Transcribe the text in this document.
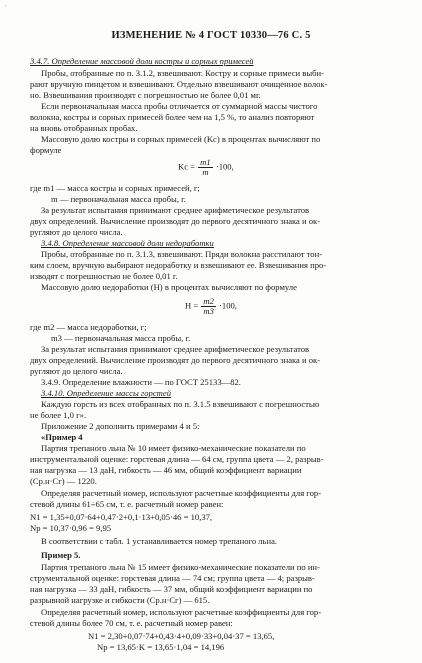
´
ИЗМЕНЕНИЕ № 4 ГОСТ 10330—76 С. 5
3.4.7. Определение массовой доли костры и сорных примесей
Пробы, отобранные по п. 3.1.2, взвешивают. Костру и сорные примеси выби-
рают вручную пинцетом и взвешивают. Отдельно взвешивают очищенное волок-
но. Взвешивания производят с погрешностью не более 0,01 мг.
Если первоначальная масса пробы отличается от суммарной массы чистого
волокна, костры и сорных примесей более чем на 1,5 %, то анализ повторяют
на вновь отобранных пробах.
Массовую долю костры и сорных примесей (Kс) в процентах вычисляют по
формуле
Kс = $\frac{m1}{m} \cdot 100$,
где m1 — масса костры и сорных примесей, г;
m — первоначальная масса пробы, г.
За результат испытания принимают среднее арифметическое результатов
двух определений. Вычисление производят до первого десятичного знака и ок-
ругляют до целого числа.
3.4.8. Определение массовой доли недоработки
Пробы, отобранные по п. 3.1.3, взвешивают. Пряди волокна расстилают тон-
ким слоем, вручную выбирают недоработку и взвешивают ее. Взвешивания про-
изводят с погрешностью не более 0,01 г.
Массовую долю недоработки (H) в процентах вычисляют по формуле
$H = \frac{m2}{m3} \cdot 100$,
где m2 — масса недоработки, г;
m3 — первоначальная масса пробы, г.
За результат испытания принимают среднее арифметическое результатов
двух определений. Вычисление производят до первого десятичного знака и ок-
ругляют до целого числа.
3.4.9. Определение влажности — по ГОСТ 25133—82.
3.4.10. Определение массы горстей
Каждую горсть из всех отобранных по п. 3.1.5 взвешивают с погрешностью
не более 1,0 г».
Приложение 2 дополнить примерами 4 и 5:
«Пример 4
Партия трепаного льна № 10 имеет физико-механические показатели по
инструментальной оценке: горстевая длина — 64 см, группа цвета — 2, разрыв-
ная нагрузка — 13 даН, гибкость — 46 мм, общий коэффициент вариации
(Cр.н·Cг) — 1220.
Определяя расчетный номер, используют расчетные коэффициенты для гор-
стевой длины 61÷65 см, т. е. расчетный номер равен:
N1 = 1,35+0,07·64+0,47·2+0,1·13+0,05·46 = 10,37,
Nр = 10,37·0,96 = 9,95
В соответствии с табл. 1 устанавливается номер трепаного льна.
Пример 5.
Партия трепаного льна № 15 имеет физико-механические показатели по ин-
струментальной оценке: горстевая длина — 74 см; группа цвета — 4; разрыв-
ная нагрузка — 33 даН, гибкость — 37 мм, общий коэффициент вариации по
разрывной нагрузке и гибкости (Cр.н·Cг) — 615.
Определяя расчетный номер, используют расчетные коэффициенты для гор-
стевой длины более 70 см, т. е. расчетный номер равен:
N1 = 2,30+0,07·74+0,43·4+0,09·33+0,04·37 = 13,65,
Nр = 13,65·K = 13,65·1,04 = 14,196
